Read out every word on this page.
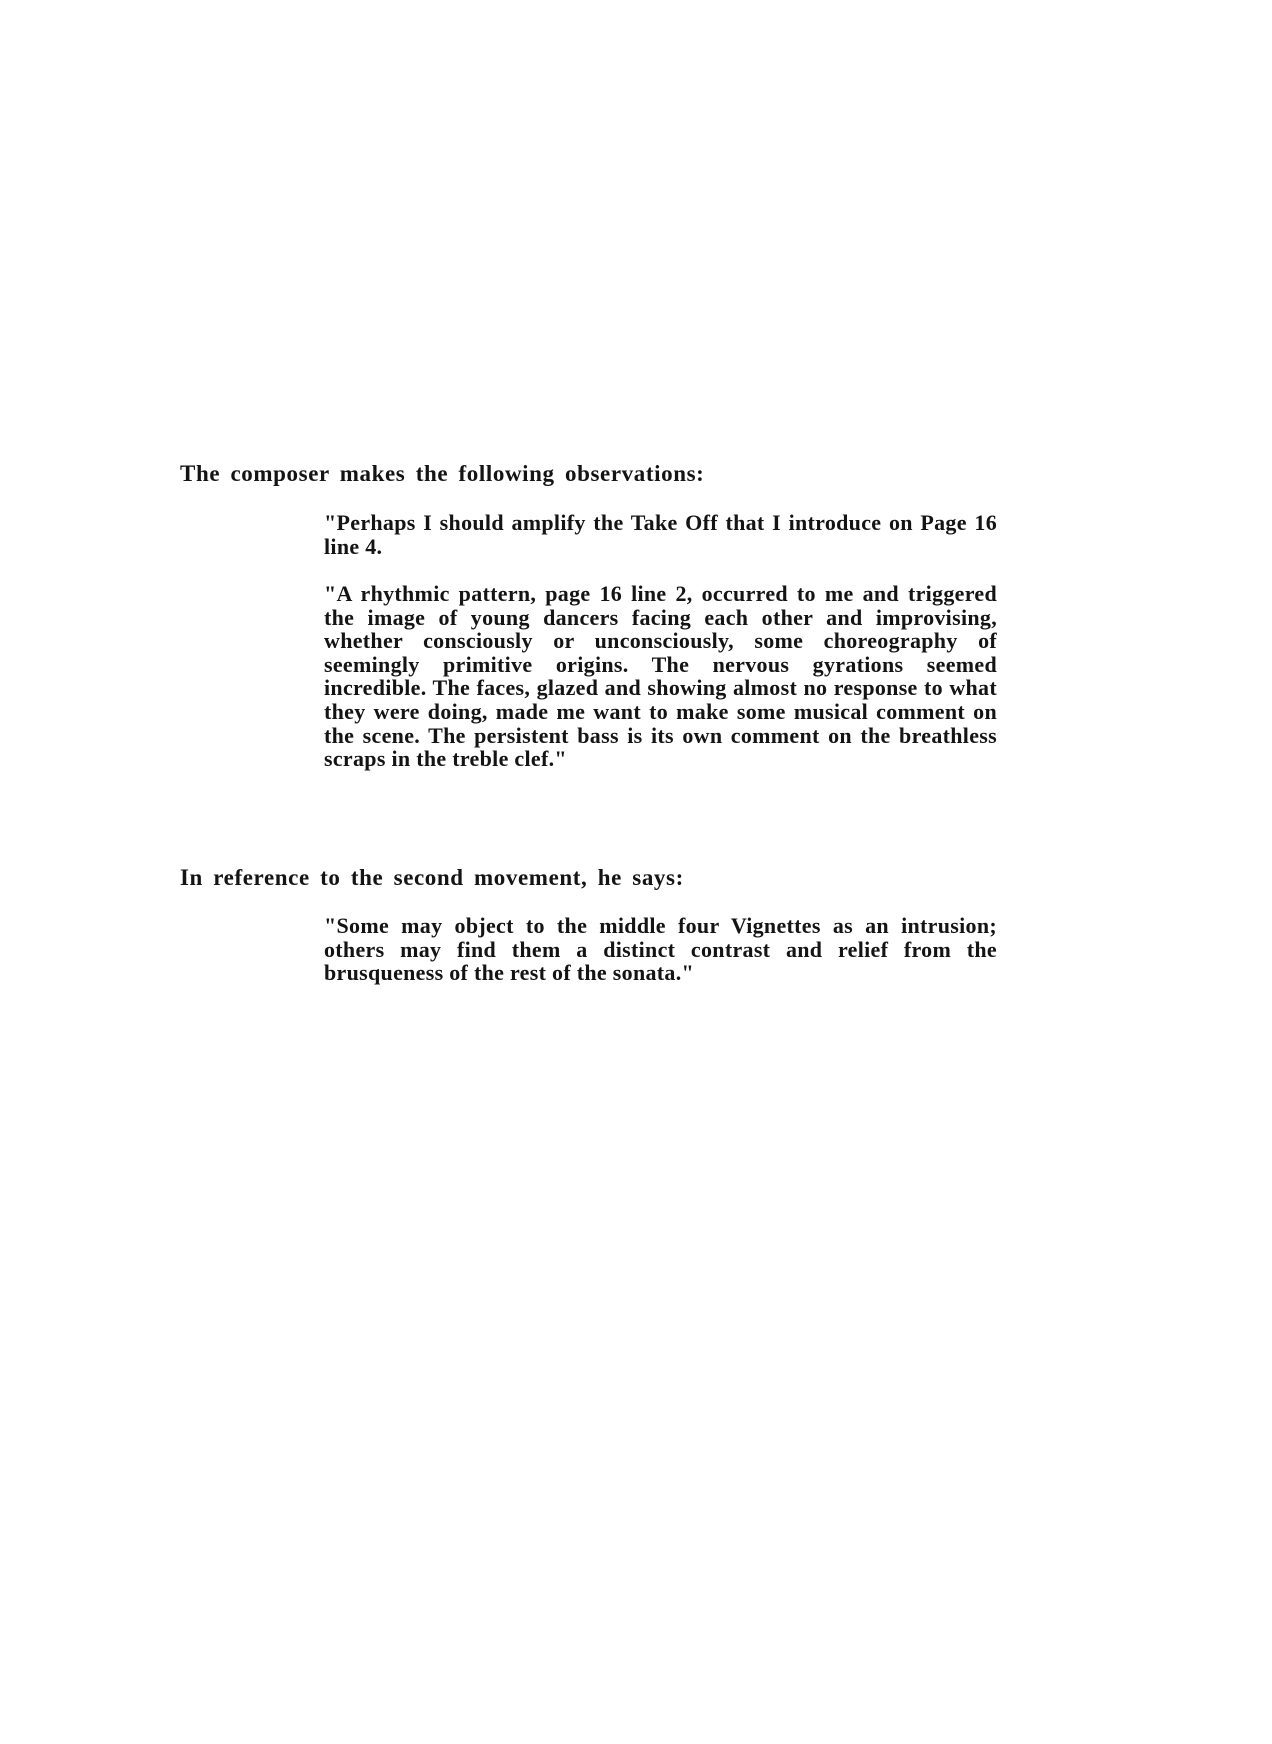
The composer makes the following observations:

"Perhaps I should amplify the Take Off that I introduce on Page 16 line 4.

"A rhythmic pattern, page 16 line 2, occurred to me and triggered the image of young dancers facing each other and improvising, whether consciously or unconsciously, some choreography of seemingly primitive origins. The nervous gyrations seemed incredible. The faces, glazed and showing almost no response to what they were doing, made me want to make some musical comment on the scene. The persistent bass is its own comment on the breathless scraps in the treble clef."

In reference to the second movement, he says:

"Some may object to the middle four Vignettes as an intrusion; others may find them a distinct contrast and relief from the brusqueness of the rest of the sonata."
